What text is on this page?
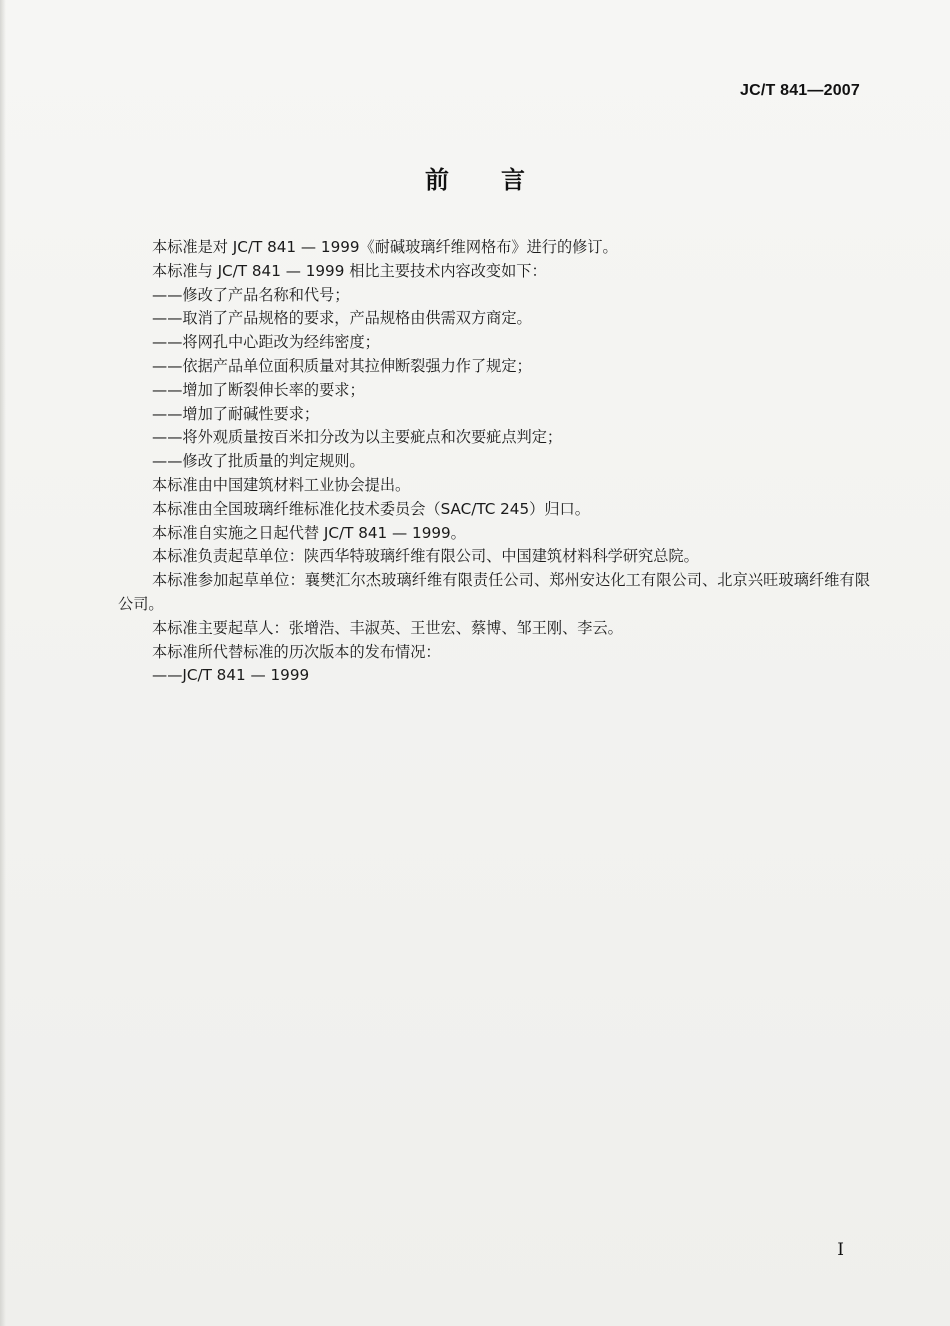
JC/T 841—2007
前言

本标准是对 JC/T 841 — 1999《耐碱玻璃纤维网格布》进行的修订。

本标准与 JC/T 841 — 1999 相比主要技术内容改变如下：

——修改了产品名称和代号；

——取消了产品规格的要求，产品规格由供需双方商定。

——将网孔中心距改为经纬密度；

——依据产品单位面积质量对其拉伸断裂强力作了规定；

——增加了断裂伸长率的要求；

——增加了耐碱性要求；

——将外观质量按百米扣分改为以主要疵点和次要疵点判定；

——修改了批质量的判定规则。

本标准由中国建筑材料工业协会提出。

本标准由全国玻璃纤维标准化技术委员会（SAC/TC 245）归口。

本标准自实施之日起代替 JC/T 841 — 1999。

本标准负责起草单位：陕西华特玻璃纤维有限公司、中国建筑材料科学研究总院。

本标准参加起草单位：襄樊汇尔杰玻璃纤维有限责任公司、郑州安达化工有限公司、北京兴旺玻璃纤维有限公司。

本标准主要起草人：张增浩、丰淑英、王世宏、蔡博、邹王刚、李云。

本标准所代替标准的历次版本的发布情况：

——JC/T 841 — 1999

I
